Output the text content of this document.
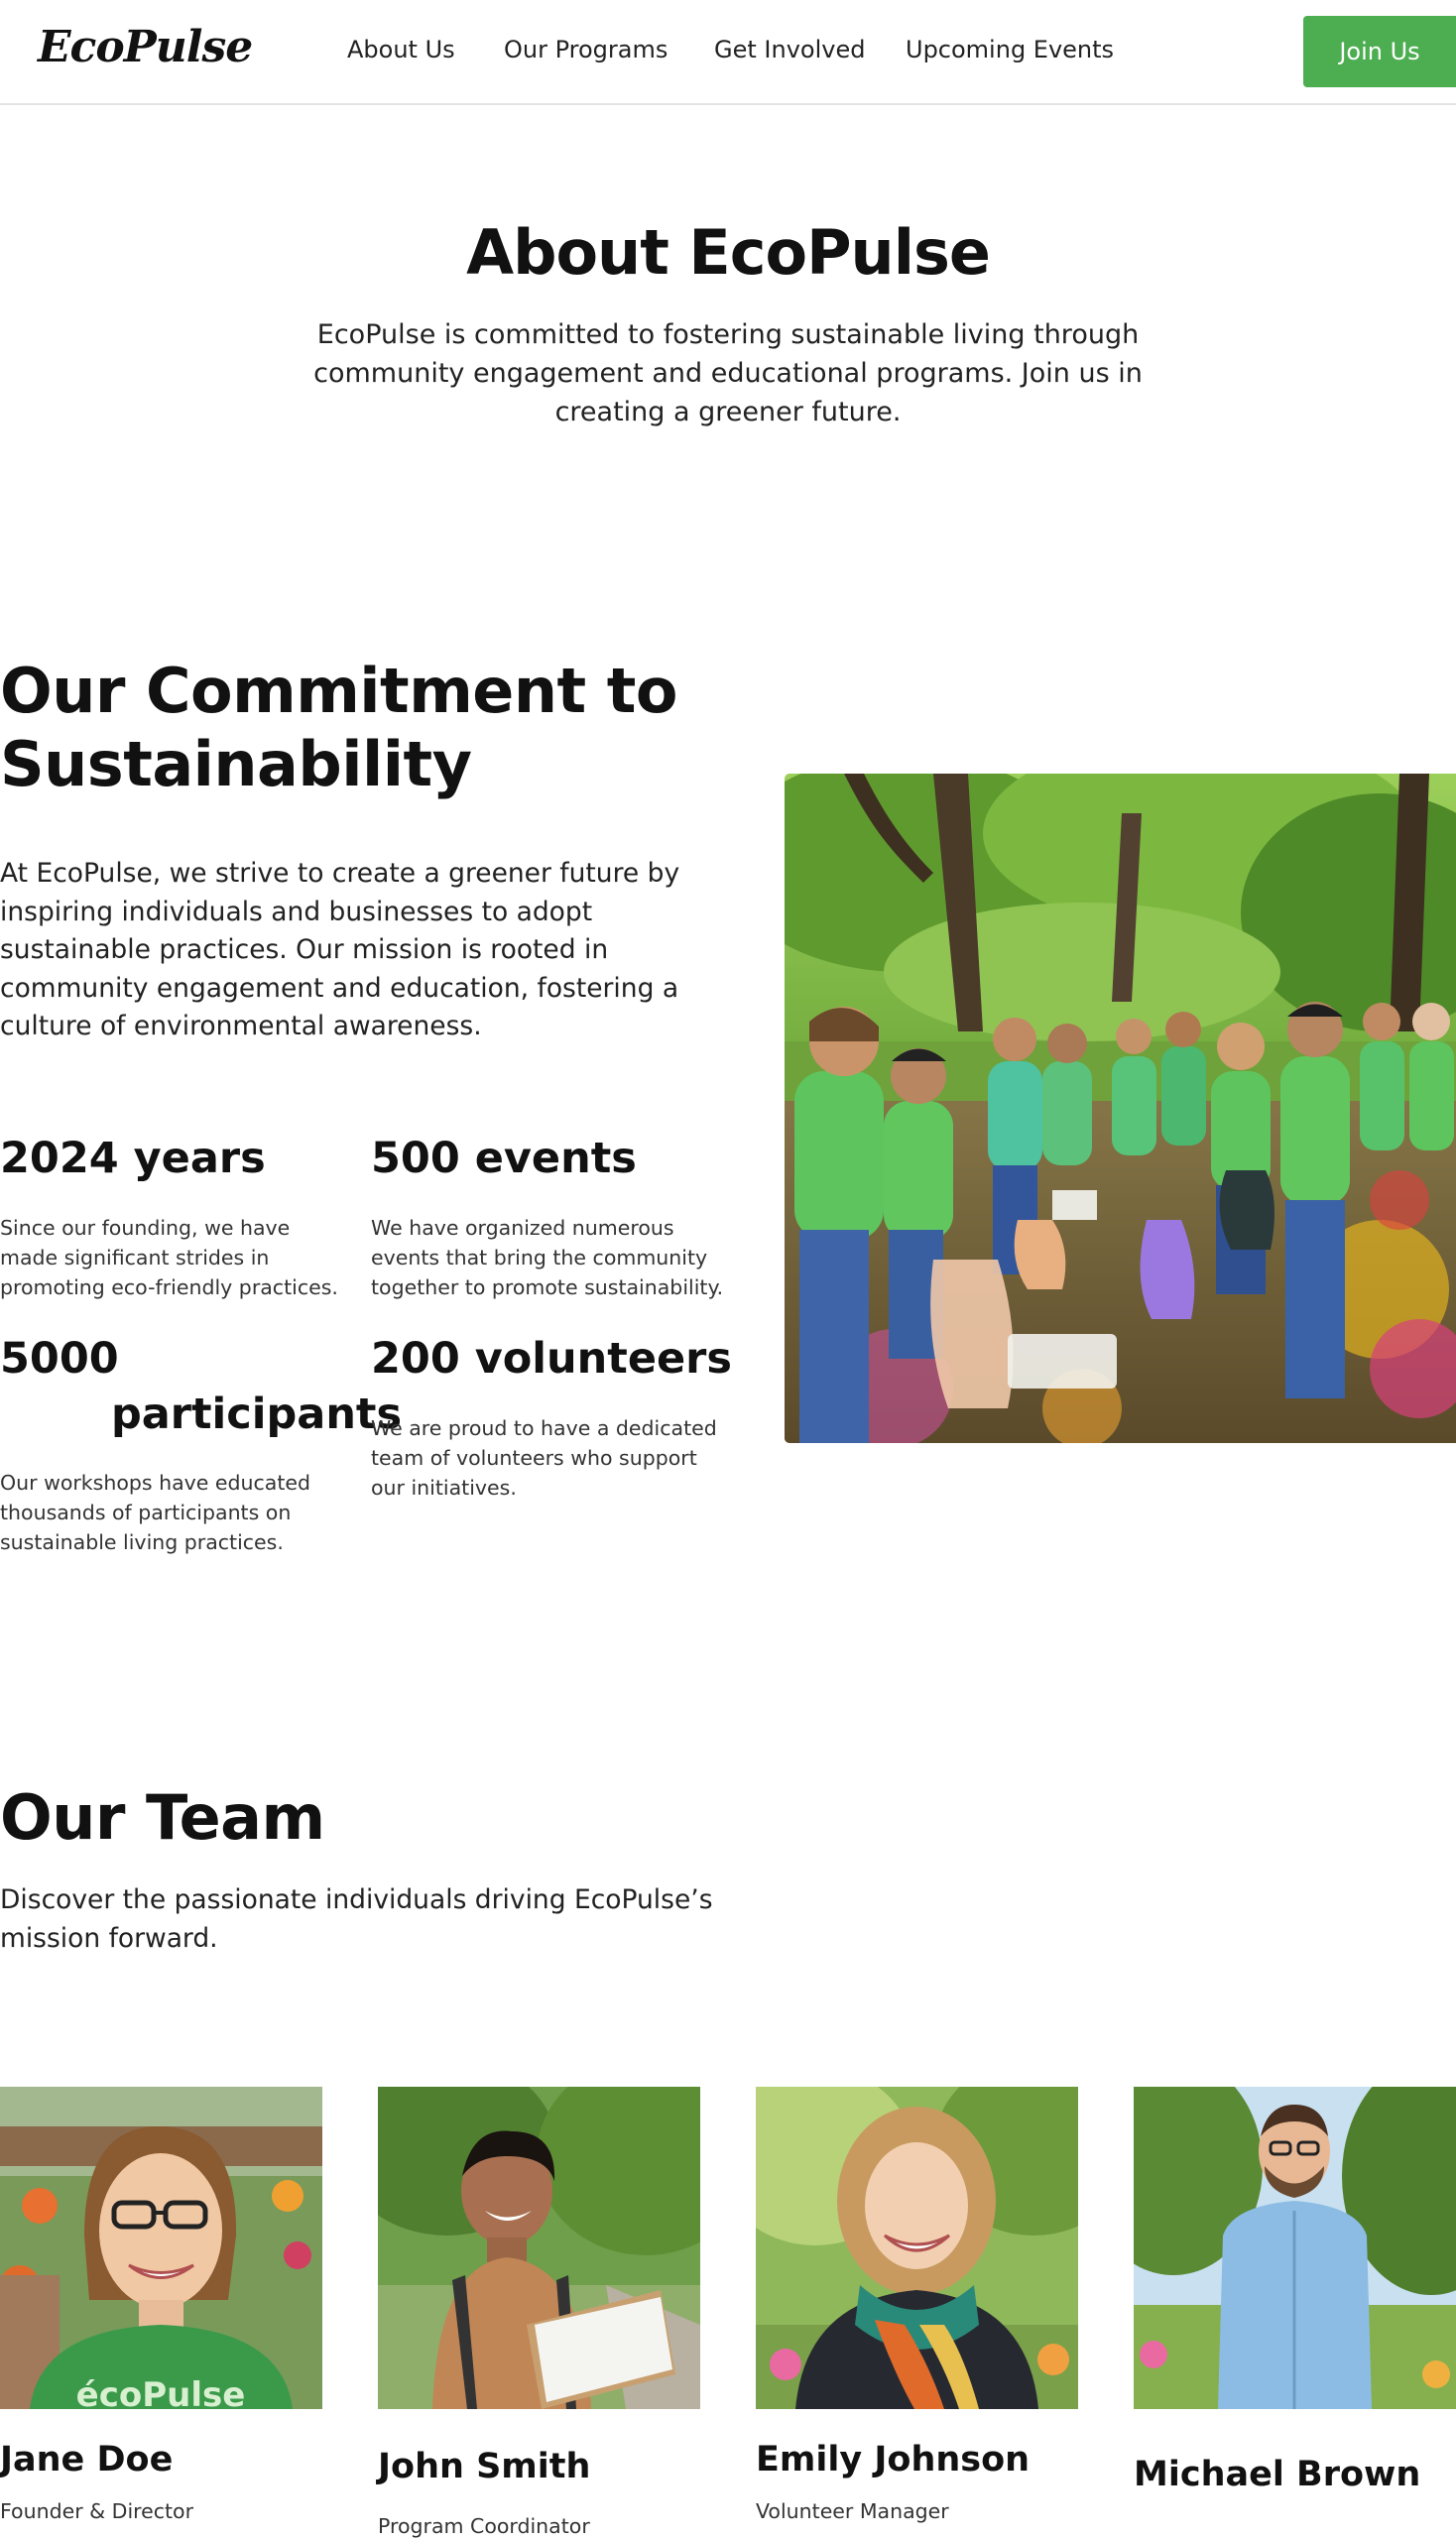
EcoPulse	About Us Our Programs Get Involved Upcoming Events	Join Us
About EcoPulse

EcoPulse is committed to fostering sustainable living through community engagement and educational programs. Join us in creating a greener future.

Our Commitment to Sustainability

At EcoPulse, we strive to create a greener future by inspiring individuals and businesses to adopt sustainable practices. Our mission is rooted in community engagement and education, fostering a culture of environmental awareness.

2024 years
Since our founding, we have made significant strides in promoting eco-friendly practices.
500 events
We have organized numerous events that bring the community together to promote sustainability.
5000
participants
Our workshops have educated thousands of participants on sustainable living practices.
200 volunteers
We are proud to have a dedicated team of volunteers who support our initiatives.
Our Team

Discover the passionate individuals driving EcoPulse’s mission forward.

écoPulse
Jane Doe
Founder & Director
John Smith
Program Coordinator
Emily Johnson
Volunteer Manager
Michael Brown
